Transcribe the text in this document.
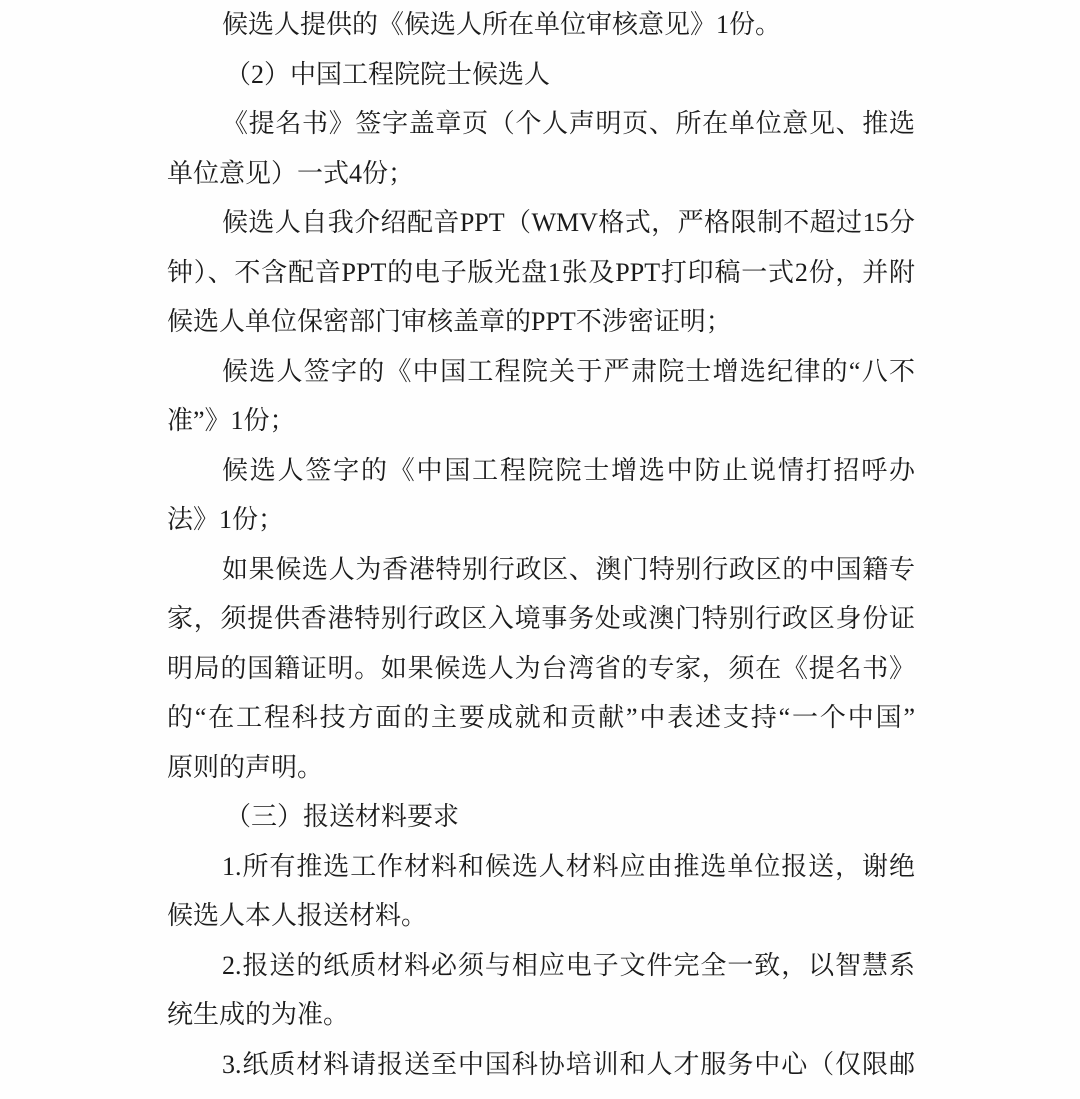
候选人提供的《候选人所在单位审核意见》1份。
（2）中国工程院院士候选人
《提名书》签字盖章页（个人声明页、所在单位意见、推选
单位意见）一式4份；
候选人自我介绍配音PPT（WMV格式，严格限制不超过15分
钟）、不含配音PPT的电子版光盘1张及PPT打印稿一式2份，并附
候选人单位保密部门审核盖章的PPT不涉密证明；
候选人签字的《中国工程院关于严肃院士增选纪律的“八不
准”》1份；
候选人签字的《中国工程院院士增选中防止说情打招呼办
法》1份；
如果候选人为香港特别行政区、澳门特别行政区的中国籍专
家，须提供香港特别行政区入境事务处或澳门特别行政区身份证
明局的国籍证明。如果候选人为台湾省的专家，须在《提名书》
的“在工程科技方面的主要成就和贡献”中表述支持“一个中国”
原则的声明。
（三）报送材料要求
1.所有推选工作材料和候选人材料应由推选单位报送，谢绝
候选人本人报送材料。
2.报送的纸质材料必须与相应电子文件完全一致，以智慧系
统生成的为准。
3.纸质材料请报送至中国科协培训和人才服务中心（仅限邮
